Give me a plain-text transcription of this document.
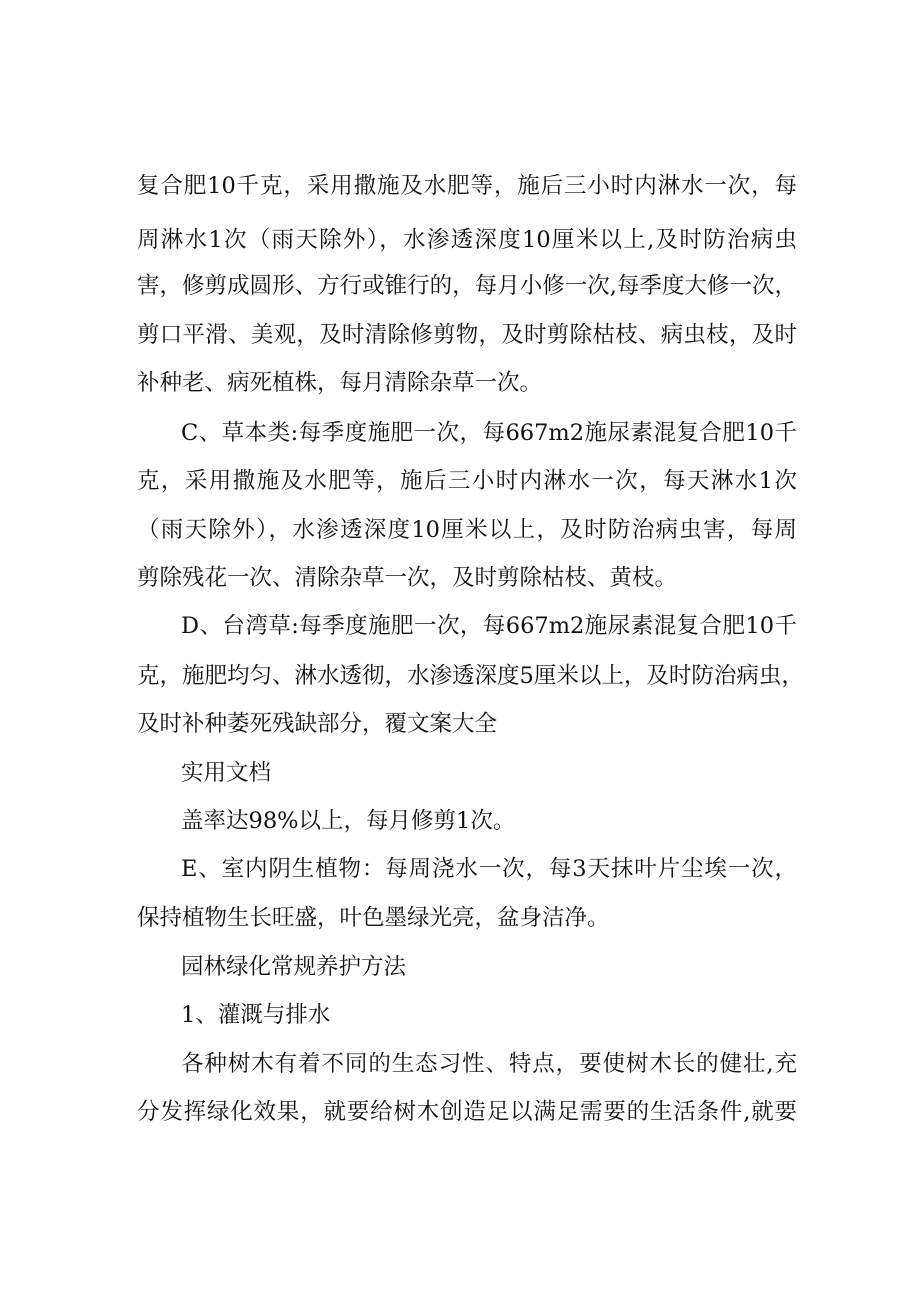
复合肥10千克，采用撒施及水肥等，施后三小时内淋水一次，每
周淋水1次（雨天除外），水渗透深度10厘米以上,及时防治病虫
害，修剪成圆形、方行或锥行的，每月小修一次,每季度大修一次，
剪口平滑、美观，及时清除修剪物，及时剪除枯枝、病虫枝，及时
补种老、病死植株，每月清除杂草一次。
C、草本类:每季度施肥一次，每667m2施尿素混复合肥10千
克，采用撒施及水肥等，施后三小时内淋水一次，每天淋水1次
（雨天除外），水渗透深度10厘米以上，及时防治病虫害，每周
剪除残花一次、清除杂草一次，及时剪除枯枝、黄枝。
D、台湾草:每季度施肥一次，每667m2施尿素混复合肥10千
克，施肥均匀、淋水透彻，水渗透深度5厘米以上，及时防治病虫，
及时补种萎死残缺部分，覆文案大全
实用文档
盖率达98%以上，每月修剪1次。
E、室内阴生植物：每周浇水一次，每3天抹叶片尘埃一次，
保持植物生长旺盛，叶色墨绿光亮，盆身洁净。
园林绿化常规养护方法
1、灌溉与排水
各种树木有着不同的生态习性、特点，要使树木长的健壮,充
分发挥绿化效果，就要给树木创造足以满足需要的生活条件,就要
